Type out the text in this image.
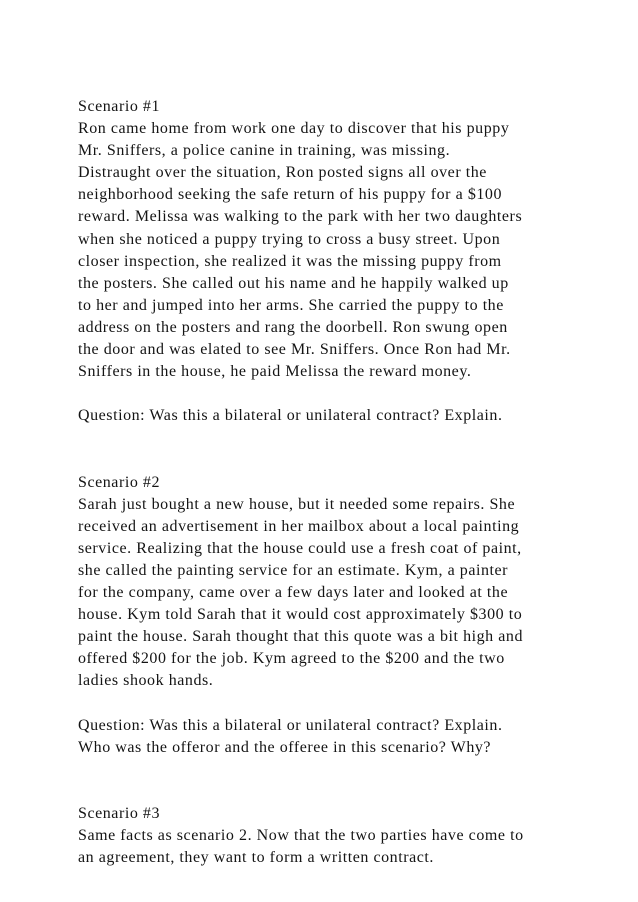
Scenario #1
Ron came home from work one day to discover that his puppy
Mr. Sniffers, a police canine in training, was missing.
Distraught over the situation, Ron posted signs all over the
neighborhood seeking the safe return of his puppy for a $100
reward. Melissa was walking to the park with her two daughters
when she noticed a puppy trying to cross a busy street. Upon
closer inspection, she realized it was the missing puppy from
the posters. She called out his name and he happily walked up
to her and jumped into her arms. She carried the puppy to the
address on the posters and rang the doorbell. Ron swung open
the door and was elated to see Mr. Sniffers. Once Ron had Mr.
Sniffers in the house, he paid Melissa the reward money.
Question: Was this a bilateral or unilateral contract? Explain.
Scenario #2
Sarah just bought a new house, but it needed some repairs. She
received an advertisement in her mailbox about a local painting
service. Realizing that the house could use a fresh coat of paint,
she called the painting service for an estimate. Kym, a painter
for the company, came over a few days later and looked at the
house. Kym told Sarah that it would cost approximately $300 to
paint the house. Sarah thought that this quote was a bit high and
offered $200 for the job. Kym agreed to the $200 and the two
ladies shook hands.
Question: Was this a bilateral or unilateral contract? Explain.
Who was the offeror and the offeree in this scenario? Why?
Scenario #3
Same facts as scenario 2. Now that the two parties have come to
an agreement, they want to form a written contract.
